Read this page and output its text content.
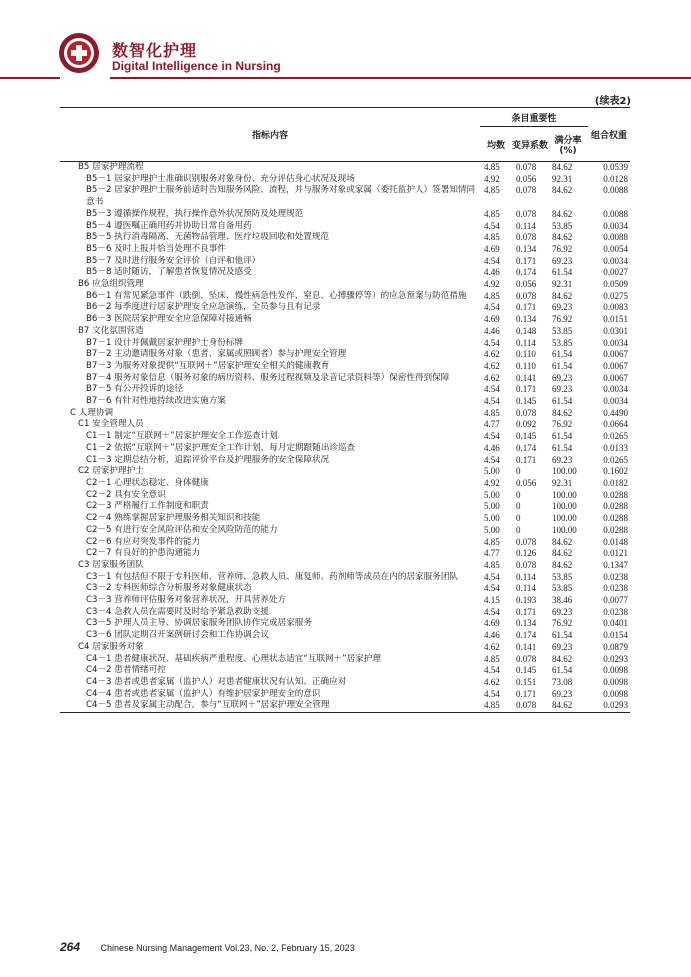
数智化护理
Digital Intelligence in Nursing
(续表2)
指标内容	条目重要性			组合权重
	均数	变异系数	满分率(%)	
B5 居家护理流程	4.85	0.078	84.62	0.0539
B5－1 居家护理护士准确识别服务对象身份、充分评估身心状况及现场	4.92	0.056	92.31	0.0128
B5－2 居家护理护士服务前适时告知服务风险、流程，并与服务对象或家属（委托监护人）签署知情同意书	4.85	0.078	84.62	0.0088
B5－3 遵循操作规程，执行操作意外状况预防及处理规范	4.85	0.078	84.62	0.0088
B5－4 遵医嘱正确用药并协助日常自备用药	4.54	0.114	53.85	0.0034
B5－5 执行消毒隔离、无菌物品管理、医疗垃圾回收和处置规范	4.85	0.078	84.62	0.0088
B5－6 及时上报并恰当处理不良事件	4.69	0.134	76.92	0.0054
B5－7 及时进行服务安全评价（自评和他评）	4.54	0.171	69.23	0.0034
B5－8 适时随访，了解患者恢复情况及感受	4.46	0.174	61.54	0.0027
B6 应急组织管理	4.92	0.056	92.31	0.0509
B6－1 有常见紧急事件（跌倒、坠床、慢性病急性发作、窒息、心搏骤停等）的应急预案与防范措施	4.85	0.078	84.62	0.0275
B6－2 每季度进行居家护理安全应急演练，全员参与且有记录	4.54	0.171	69.23	0.0083
B6－3 医院居家护理安全应急保障对接通畅	4.69	0.134	76.92	0.0151
B7 文化氛围营造	4.46	0.148	53.85	0.0301
B7－1 设计并佩戴居家护理护士身份标牌	4.54	0.114	53.85	0.0034
B7－2 主动邀请服务对象（患者、家属或照顾者）参与护理安全管理	4.62	0.110	61.54	0.0067
B7－3 为服务对象提供“互联网＋”居家护理安全相关的健康教育	4.62	0.110	61.54	0.0067
B7－4 服务对象信息（服务对象的病历资料、服务过程视频及录音记录资料等）保密性得到保障	4.62	0.141	69.23	0.0067
B7－5 有公开投诉的途径	4.54	0.171	69.23	0.0034
B7－6 有针对性地持续改进实施方案	4.54	0.145	61.54	0.0034
C 人理协调	4.85	0.078	84.62	0.4490
C1 安全管理人员	4.77	0.092	76.92	0.0664
C1－1 制定“互联网＋”居家护理安全工作巡查计划	4.54	0.145	61.54	0.0265
C1－2 依据“互联网＋”居家护理安全工作计划，每月定期跟随出诊巡查	4.46	0.174	61.54	0.0133
C1－3 定期总结分析，追踪评价平台及护理服务的安全保障状况	4.54	0.171	69.23	0.0265
C2 居家护理护士	5.00	0	100.00	0.1602
C2－1 心理状态稳定、身体健康	4.92	0.056	92.31	0.0182
C2－2 具有安全意识	5.00	0	100.00	0.0288
C2－3 严格履行工作制度和职责	5.00	0	100.00	0.0288
C2－4 熟练掌握居家护理服务相关知识和技能	5.00	0	100.00	0.0288
C2－5 有进行安全风险评估和安全风险防范的能力	5.00	0	100.00	0.0288
C2－6 有应对突发事件的能力	4.85	0.078	84.62	0.0148
C2－7 有良好的护患沟通能力	4.77	0.126	84.62	0.0121
C3 居家服务团队	4.85	0.078	84.62	0.1347
C3－1 有包括但不限于专科医师、营养师、急救人员、康复师、药剂师等成员在内的居家服务团队	4.54	0.114	53.85	0.0238
C3－2 专科医师综合分析服务对象健康状态	4.54	0.114	53.85	0.0238
C3－3 营养师评估服务对象营养状况，开具营养处方	4.15	0.193	38.46	0.0077
C3－4 急救人员在需要时及时给予紧急救助支援	4.54	0.171	69.23	0.0238
C3－5 护理人员主导、协调居家服务团队协作完成居家服务	4.69	0.134	76.92	0.0401
C3－6 团队定期召开案例研讨会和工作协调会议	4.46	0.174	61.54	0.0154
C4 居家服务对象	4.62	0.141	69.23	0.0879
C4－1 患者健康状况、基础疾病严重程度、心理状态适宜“互联网＋”居家护理	4.85	0.078	84.62	0.0293
C4－2 患者情绪可控	4.54	0.145	61.54	0.0098
C4－3 患者或患者家属（监护人）对患者健康状况有认知、正确应对	4.62	0.151	73.08	0.0098
C4－4 患者或患者家属（监护人）有维护居家护理安全的意识	4.54	0.171	69.23	0.0098
C4－5 患者及家属主动配合，参与“互联网＋”居家护理安全管理	4.85	0.078	84.62	0.0293
264 Chinese Nursing Management Vol.23, No. 2, February 15, 2023
